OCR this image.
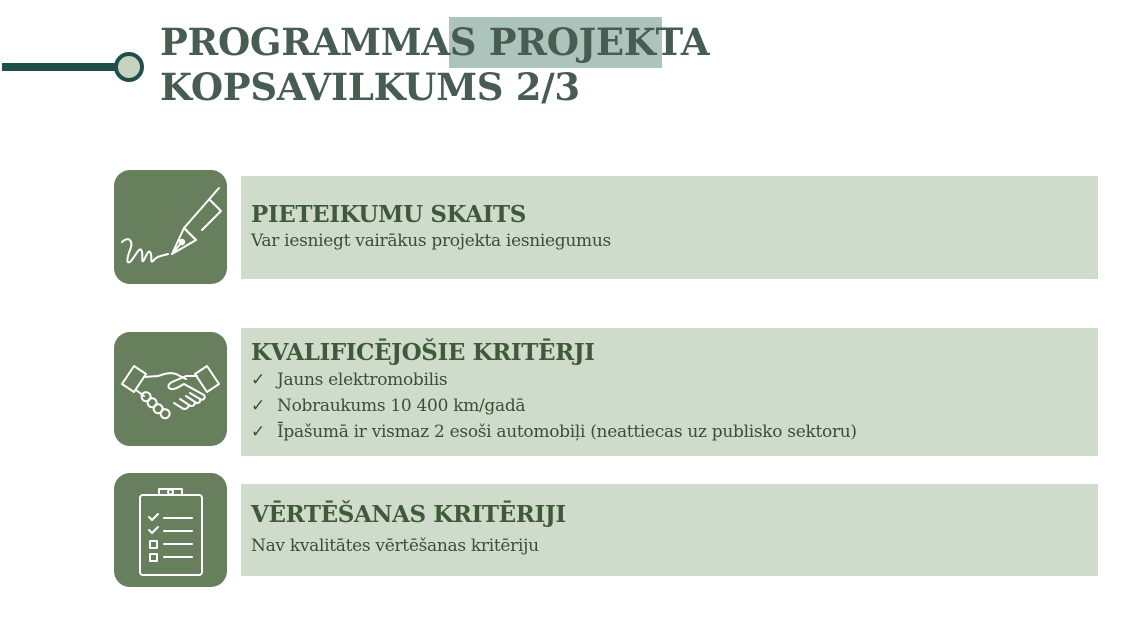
PROGRAMMAS PROJEKTA
KOPSAVILKUMS 2/3
PIETEIKUMU SKAITS

Var iesniegt vairākus projekta iesniegumus

KVALIFICĒJOŠIE KRITĒRJI
✓ Jauns elektromobilis
✓ Nobraukums 10 400 km/gadā
✓ Īpašumā ir vismaz 2 esoši automobiļi (neattiecas uz publisko sektoru)
VĒRTĒŠANAS KRITĒRIJI

Nav kvalitātes vērtēšanas kritēriju
